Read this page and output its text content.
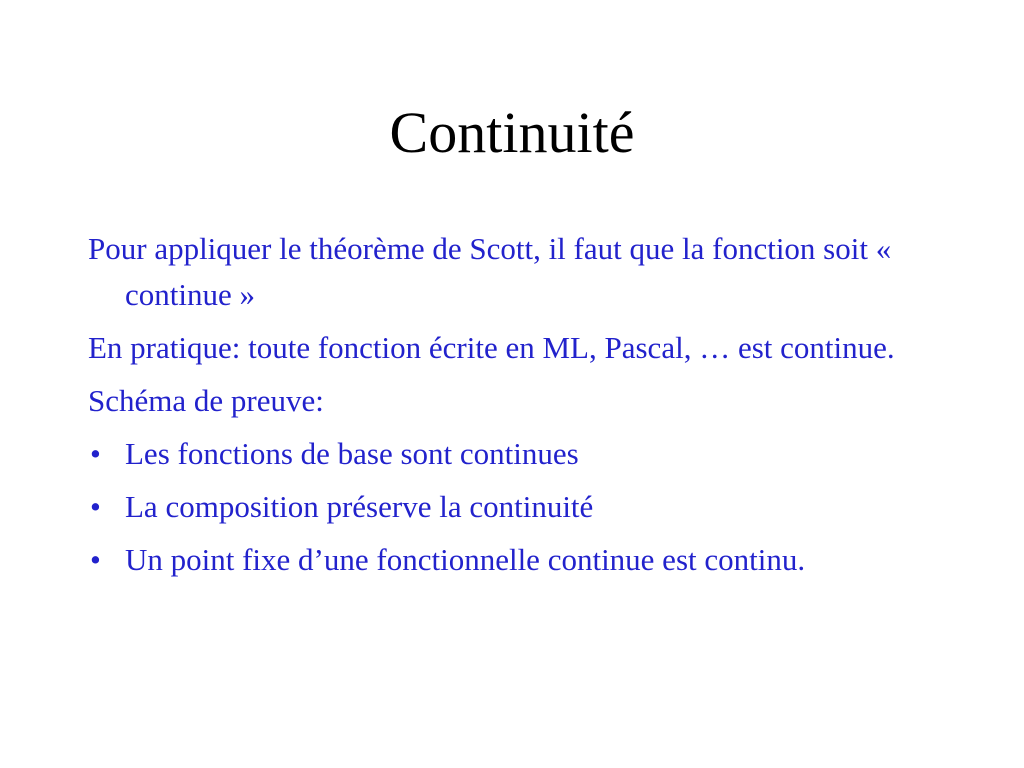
Continuité

Pour appliquer le théorème de Scott, il faut que la fonction soit « continue »

En pratique: toute fonction écrite en ML, Pascal, … est continue.

Schéma de preuve:

• Les fonctions de base sont continues
• La composition préserve la continuité
• Un point fixe d’une fonctionnelle continue est continu.
